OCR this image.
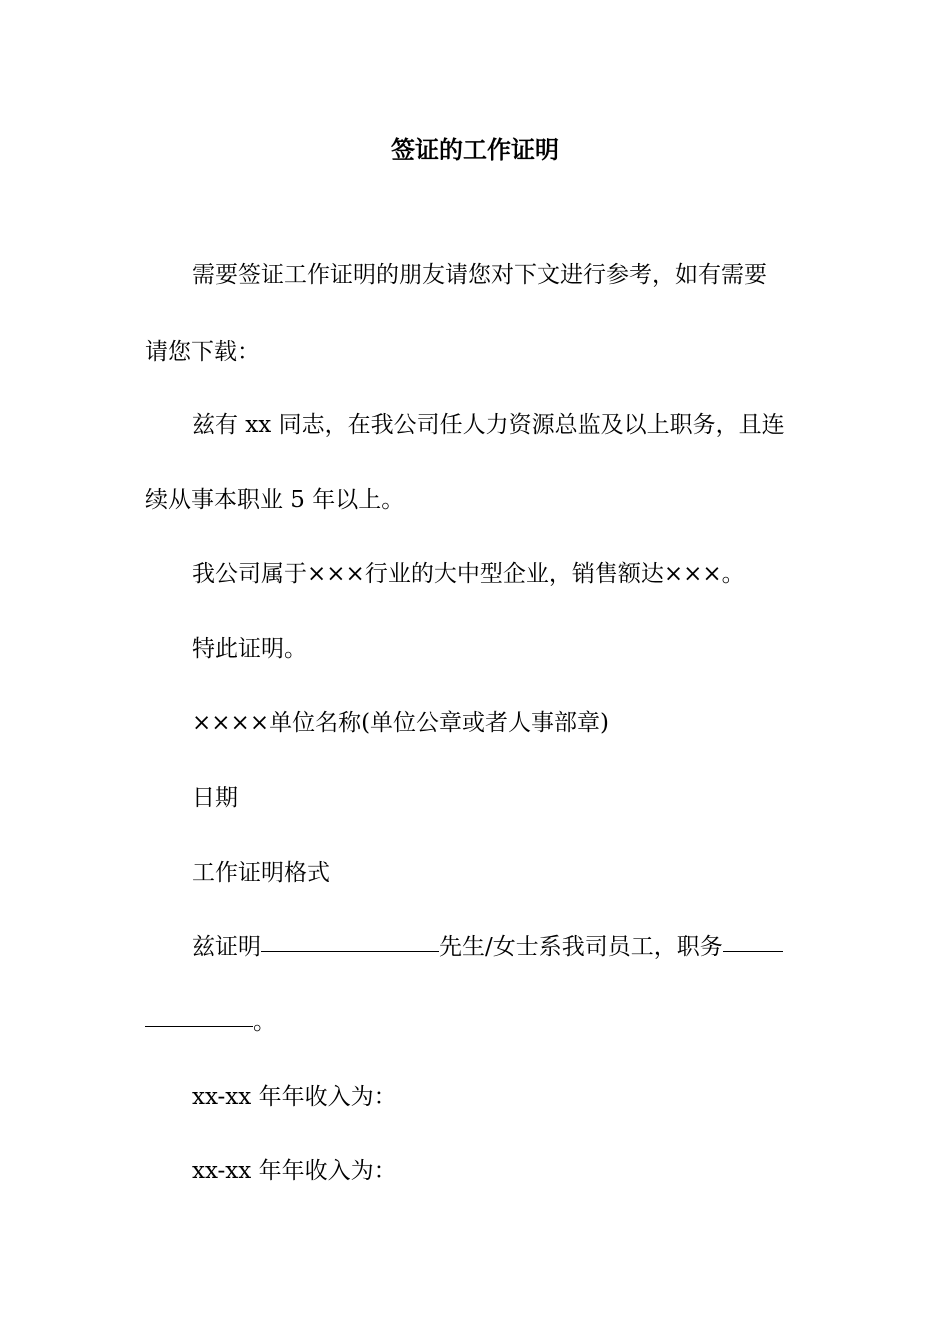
签证的工作证明
需要签证工作证明的朋友请您对下文进行参考，如有需要
请您下载：
兹有 xx 同志，在我公司任人力资源总监及以上职务，且连
续从事本职业 5 年以上。
我公司属于×××行业的大中型企业，销售额达×××。
特此证明。
××××单位名称(单位公章或者人事部章)
日期
工作证明格式
兹证明	先生/女士系我司员工，职务
。
xx-xx 年年收入为：
xx-xx 年年收入为：
